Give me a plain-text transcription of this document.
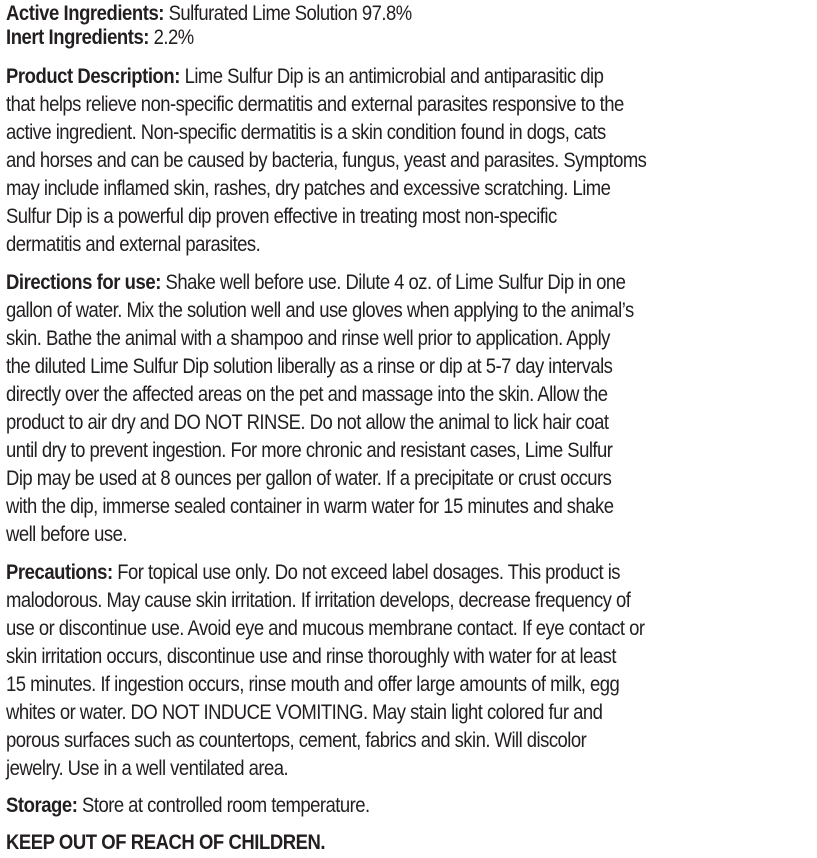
Active Ingredients: Sulfurated Lime Solution 97.8%
Inert Ingredients: 2.2%
Product Description: Lime Sulfur Dip is an antimicrobial and antiparasitic dip
that helps relieve non-specific dermatitis and external parasites responsive to the
active ingredient. Non-specific dermatitis is a skin condition found in dogs, cats
and horses and can be caused by bacteria, fungus, yeast and parasites. Symptoms
may include inflamed skin, rashes, dry patches and excessive scratching. Lime
Sulfur Dip is a powerful dip proven effective in treating most non-specific
dermatitis and external parasites.
Directions for use: Shake well before use. Dilute 4 oz. of Lime Sulfur Dip in one
gallon of water. Mix the solution well and use gloves when applying to the animal’s
skin. Bathe the animal with a shampoo and rinse well prior to application. Apply
the diluted Lime Sulfur Dip solution liberally as a rinse or dip at 5-7 day intervals
directly over the affected areas on the pet and massage into the skin. Allow the
product to air dry and DO NOT RINSE. Do not allow the animal to lick hair coat
until dry to prevent ingestion. For more chronic and resistant cases, Lime Sulfur
Dip may be used at 8 ounces per gallon of water. If a precipitate or crust occurs
with the dip, immerse sealed container in warm water for 15 minutes and shake
well before use.
Precautions: For topical use only. Do not exceed label dosages. This product is
malodorous. May cause skin irritation. If irritation develops, decrease frequency of
use or discontinue use. Avoid eye and mucous membrane contact. If eye contact or
skin irritation occurs, discontinue use and rinse thoroughly with water for at least
15 minutes. If ingestion occurs, rinse mouth and offer large amounts of milk, egg
whites or water. DO NOT INDUCE VOMITING. May stain light colored fur and
porous surfaces such as countertops, cement, fabrics and skin. Will discolor
jewelry. Use in a well ventilated area.
Storage: Store at controlled room temperature.
KEEP OUT OF REACH OF CHILDREN.
